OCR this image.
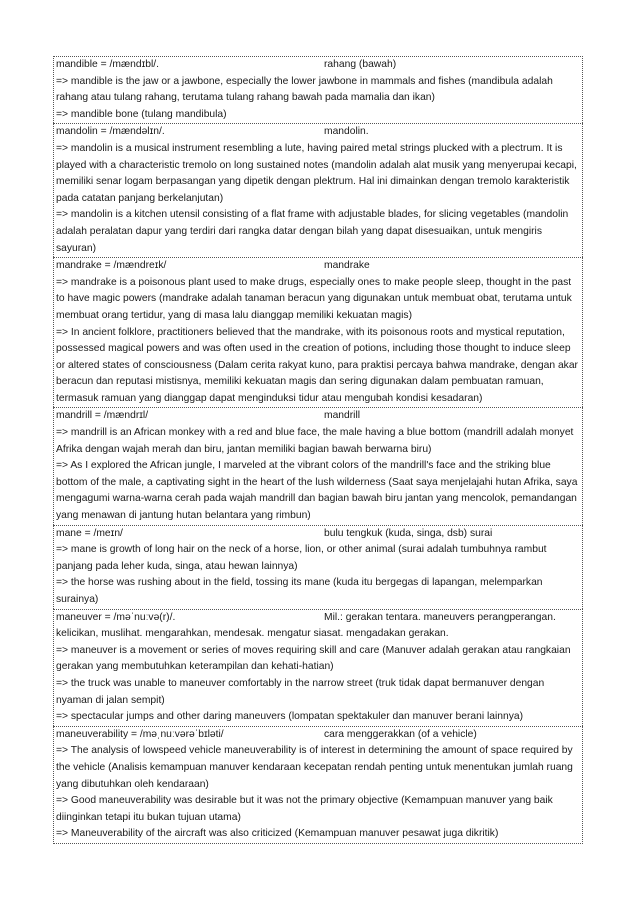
mandible = /mændɪbl/.	rahang (bawah)
=> mandible is the jaw or a jawbone, especially the lower jawbone in mammals and fishes (mandibula adalah rahang atau tulang rahang, terutama tulang rahang bawah pada mamalia dan ikan)
=> mandible bone (tulang mandibula)
mandolin = /mændəlɪn/.	mandolin.
=> mandolin is a musical instrument resembling a lute, having paired metal strings plucked with a plectrum. It is played with a characteristic tremolo on long sustained notes (mandolin adalah alat musik yang menyerupai kecapi, memiliki senar logam berpasangan yang dipetik dengan plektrum. Hal ini dimainkan dengan tremolo karakteristik pada catatan panjang berkelanjutan)
=> mandolin is a kitchen utensil consisting of a flat frame with adjustable blades, for slicing vegetables (mandolin adalah peralatan dapur yang terdiri dari rangka datar dengan bilah yang dapat disesuaikan, untuk mengiris sayuran)
mandrake = /mændreɪk/	mandrake
=> mandrake is a poisonous plant used to make drugs, especially ones to make people sleep, thought in the past to have magic powers (mandrake adalah tanaman beracun yang digunakan untuk membuat obat, terutama untuk membuat orang tertidur, yang di masa lalu dianggap memiliki kekuatan magis)
=> In ancient folklore, practitioners believed that the mandrake, with its poisonous roots and mystical reputation, possessed magical powers and was often used in the creation of potions, including those thought to induce sleep or altered states of consciousness (Dalam cerita rakyat kuno, para praktisi percaya bahwa mandrake, dengan akar beracun dan reputasi mistisnya, memiliki kekuatan magis dan sering digunakan dalam pembuatan ramuan, termasuk ramuan yang dianggap dapat menginduksi tidur atau mengubah kondisi kesadaran)
mandrill = /mændrɪl/	mandrill
=> mandrill is an African monkey with a red and blue face, the male having a blue bottom (mandrill adalah monyet Afrika dengan wajah merah dan biru, jantan memiliki bagian bawah berwarna biru)
=> As I explored the African jungle, I marveled at the vibrant colors of the mandrill's face and the striking blue bottom of the male, a captivating sight in the heart of the lush wilderness (Saat saya menjelajahi hutan Afrika, saya mengagumi warna-warna cerah pada wajah mandrill dan bagian bawah biru jantan yang mencolok, pemandangan yang menawan di jantung hutan belantara yang rimbun)
mane = /meɪn/	bulu tengkuk (kuda, singa, dsb) surai
=> mane is growth of long hair on the neck of a horse, lion, or other animal (surai adalah tumbuhnya rambut panjang pada leher kuda, singa, atau hewan lainnya)
=> the horse was rushing about in the field, tossing its mane (kuda itu bergegas di lapangan, melemparkan surainya)
maneuver = /məˈnuːvə(r)/.	Mil.: gerakan tentara. maneuvers perangperangan.
kelicikan, muslihat. mengarahkan, mendesak. mengatur siasat. mengadakan gerakan.
=> maneuver is a movement or series of moves requiring skill and care (Manuver adalah gerakan atau rangkaian gerakan yang membutuhkan keterampilan dan kehati-hatian)
=> the truck was unable to maneuver comfortably in the narrow street (truk tidak dapat bermanuver dengan nyaman di jalan sempit)
=> spectacular jumps and other daring maneuvers (lompatan spektakuler dan manuver berani lainnya)
maneuverability = /məˌnuːvərəˈbɪləti/	cara menggerakkan (of a vehicle)
=> The analysis of lowspeed vehicle maneuverability is of interest in determining the amount of space required by the vehicle (Analisis kemampuan manuver kendaraan kecepatan rendah penting untuk menentukan jumlah ruang yang dibutuhkan oleh kendaraan)
=> Good maneuverability was desirable but it was not the primary objective (Kemampuan manuver yang baik diinginkan tetapi itu bukan tujuan utama)
=> Maneuverability of the aircraft was also criticized (Kemampuan manuver pesawat juga dikritik)
